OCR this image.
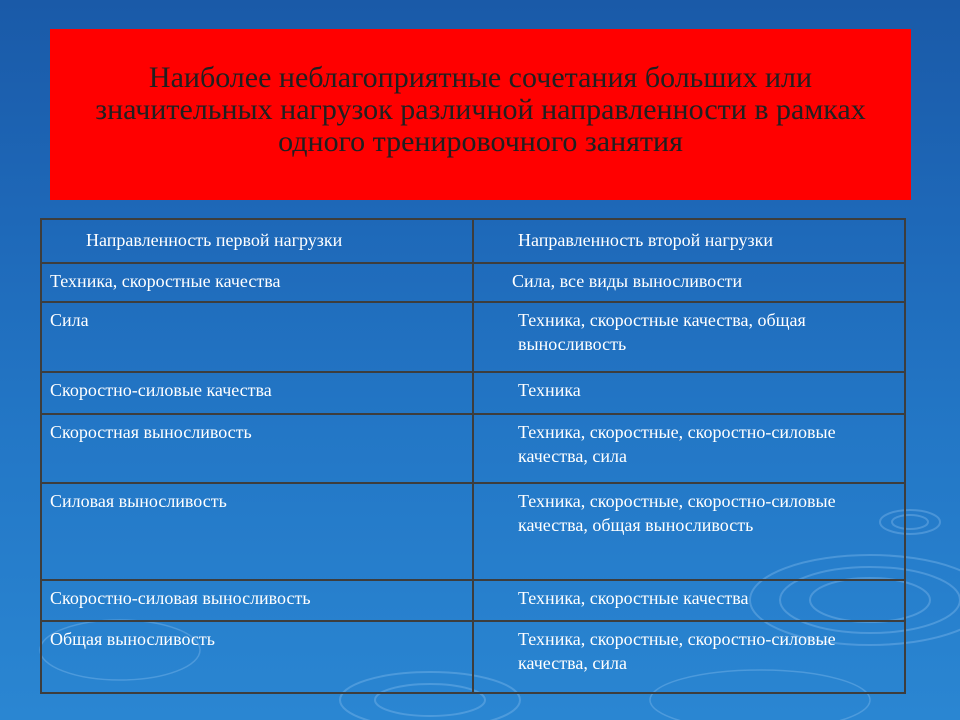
Наиболее неблагоприятные сочетания больших или значительных нагрузок различной направленности в рамках одного тренировочного занятия
Направленность первой нагрузки	Направленность второй нагрузки
Техника, скоростные качества	Сила, все виды выносливости
Сила	Техника, скоростные качества, общая выносливость
Скоростно-силовые качества	Техника
Скоростная выносливость	Техника, скоростные, скоростно-силовые качества, сила
Силовая выносливость	Техника, скоростные, скоростно-силовые качества, общая выносливость
Скоростно-силовая выносливость	Техника, скоростные качества
Общая выносливость	Техника, скоростные, скоростно-силовые качества, сила
